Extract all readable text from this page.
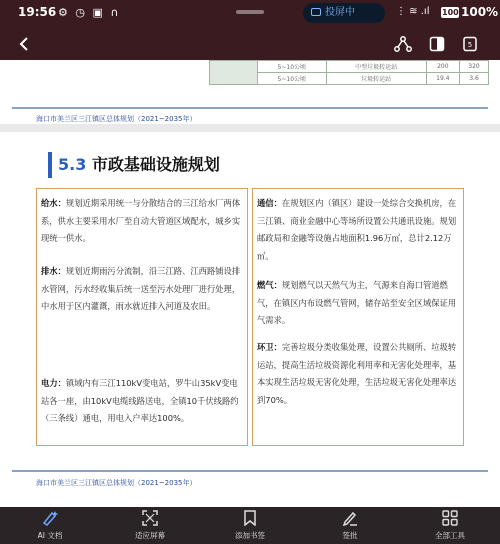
19:56 ⚙ ◷ ▣ ∩	投屏中	⋮ ≋ .ıl 100 100%
5
	5~10公顷	中型垃圾转运站	200	320
	5~10公顷	垃圾转运站	19.4	3.6
海口市美兰区三江镇区总体规划（2021~2035年）
5.3 市政基础设施规划
给水：规划近期采用统一与分散结合的三江给水厂两体系，供水主要采用水厂至自动大管道区域配水，城乡实现统一供水。
排水：规划近期雨污分流制，沿三江路、江西路铺设排水管网，污水经收集后统一送至污水处理厂进行处理，中水用于区内灌溉，雨水就近排入河道及农田。
电力：镇域内有三江110kV变电站，罗牛山35kV变电站各一座，由10kV电缆线路送电，全镇10千伏线路约（三条线）通电，用电入户率达100%。
通信：在规划区内（镇区）建设一处综合交换机房，在三江镇、商业金融中心等场所设置公共通讯设施。规划邮政局和金融等设施占地面积1.96万㎡，总计2.12万㎡。
燃气：规划燃气以天然气为主，气源来自海口管道燃气，在镇区内布设燃气管网，储存站至安全区域保证用气需求。
环卫：完善垃圾分类收集处理，设置公共厕所、垃圾转运站，提高生活垃圾资源化利用率和无害化处理率，基本实现生活垃圾无害化处理，生活垃圾无害化处理率达到70%。
海口市美兰区三江镇区总体规划（2021~2035年）
AI 文档	适应屏幕	添加书签	签批	全部工具
